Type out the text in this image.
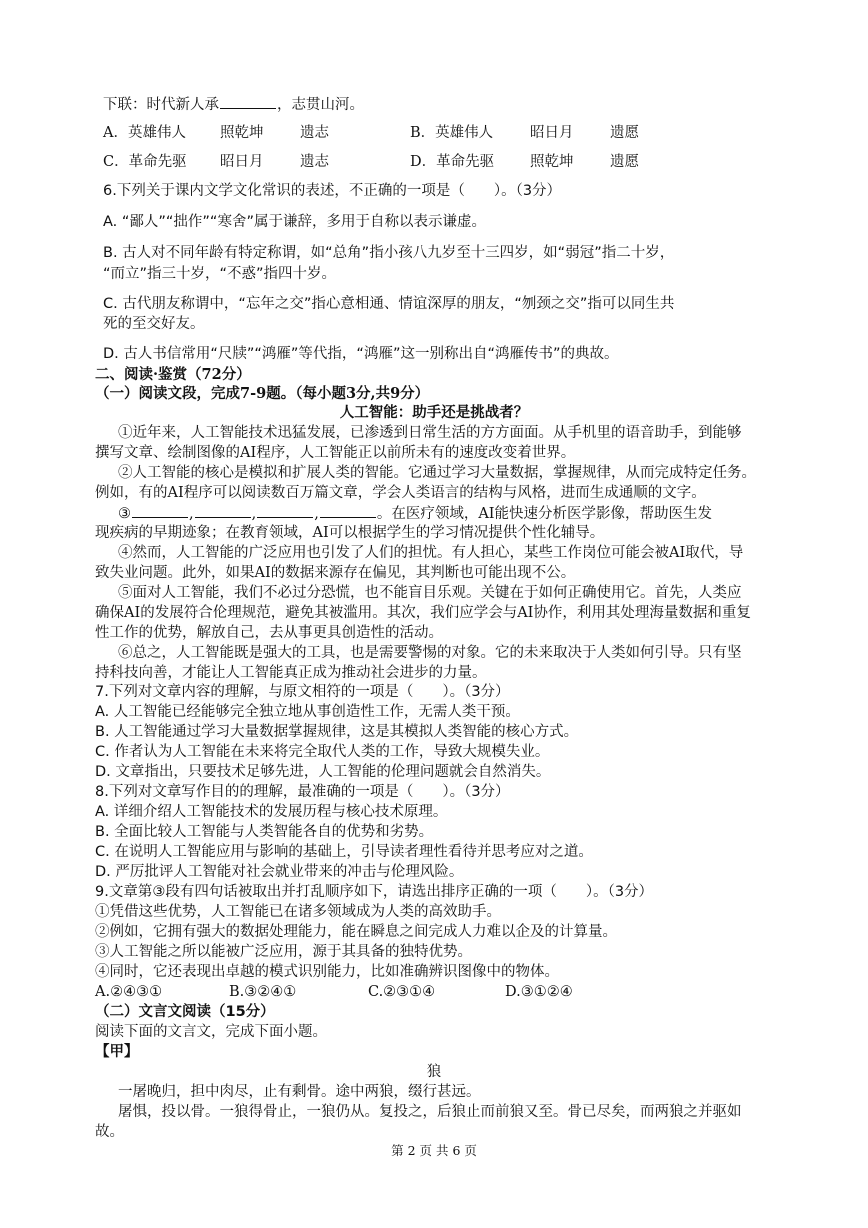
下联：时代新人承	，志贯山河。
A．英雄伟人 照乾坤	遗志	B．英雄伟人	昭日月	遗愿
C．革命先驱 昭日月	遗志	D．革命先驱 照乾坤	遗愿
6.下列关于课内文学文化常识的表述，不正确的一项是（　　）。（3分）
A. “鄙人”“拙作”“寒舍”属于谦辞，多用于自称以表示谦虚。
B. 古人对不同年龄有特定称谓，如“总角”指小孩八九岁至十三四岁，如“弱冠”指二十岁，
“而立”指三十岁，“不惑”指四十岁。
C. 古代朋友称谓中，“忘年之交”指心意相通、情谊深厚的朋友，“刎颈之交”指可以同生共
死的至交好友。
D. 古人书信常用“尺牍”“鸿雁”等代指，“鸿雁”这一别称出自“鸿雁传书”的典故。
二、阅读·鉴赏（72分）
（一）阅读文段，完成7-9题。（每小题3分,共9分）
人工智能：助手还是挑战者？
①近年来，人工智能技术迅猛发展，已渗透到日常生活的方方面面。从手机里的语音助手，到能够
撰写文章、绘制图像的AI程序，人工智能正以前所未有的速度改变着世界。
②人工智能的核心是模拟和扩展人类的智能。它通过学习大量数据，掌握规律，从而完成特定任务。
例如，有的AI程序可以阅读数百万篇文章，学会人类语言的结构与风格，进而生成通顺的文字。
③	,	,	,	。在医疗领域，AI能快速分析医学影像，帮助医生发
现疾病的早期迹象；在教育领域，AI可以根据学生的学习情况提供个性化辅导。
④然而，人工智能的广泛应用也引发了人们的担忧。有人担心，某些工作岗位可能会被AI取代，导
致失业问题。此外，如果AI的数据来源存在偏见，其判断也可能出现不公。
⑤面对人工智能，我们不必过分恐慌，也不能盲目乐观。关键在于如何正确使用它。首先，人类应
确保AI的发展符合伦理规范，避免其被滥用。其次，我们应学会与AI协作，利用其处理海量数据和重复
性工作的优势，解放自己，去从事更具创造性的活动。
⑥总之，人工智能既是强大的工具，也是需要警惕的对象。它的未来取决于人类如何引导。只有坚
持科技向善，才能让人工智能真正成为推动社会进步的力量。
7.下列对文章内容的理解，与原文相符的一项是（　　）。（3分）
A. 人工智能已经能够完全独立地从事创造性工作，无需人类干预。
B. 人工智能通过学习大量数据掌握规律，这是其模拟人类智能的核心方式。
C. 作者认为人工智能在未来将完全取代人类的工作，导致大规模失业。
D. 文章指出，只要技术足够先进，人工智能的伦理问题就会自然消失。
8.下列对文章写作目的的理解，最准确的一项是（　　）。（3分）
A. 详细介绍人工智能技术的发展历程与核心技术原理。
B. 全面比较人工智能与人类智能各自的优势和劣势。
C. 在说明人工智能应用与影响的基础上，引导读者理性看待并思考应对之道。
D. 严厉批评人工智能对社会就业带来的冲击与伦理风险。
9.文章第③段有四句话被取出并打乱顺序如下，请选出排序正确的一项（　　）。（3分）
①凭借这些优势，人工智能已在诸多领域成为人类的高效助手。
②例如，它拥有强大的数据处理能力，能在瞬息之间完成人力难以企及的计算量。
③人工智能之所以能被广泛应用，源于其具备的独特优势。
④同时，它还表现出卓越的模式识别能力，比如准确辨识图像中的物体。
A.②④③①	B.③②④①	C.②③①④	D.③①②④
（二）文言文阅读（15分）
阅读下面的文言文，完成下面小题。
【甲】
狼
一屠晚归，担中肉尽，止有剩骨。途中两狼，缀行甚远。
屠惧，投以骨。一狼得骨止，一狼仍从。复投之，后狼止而前狼又至。骨已尽矣，而两狼之并驱如
故。
第 2 页 共 6 页
